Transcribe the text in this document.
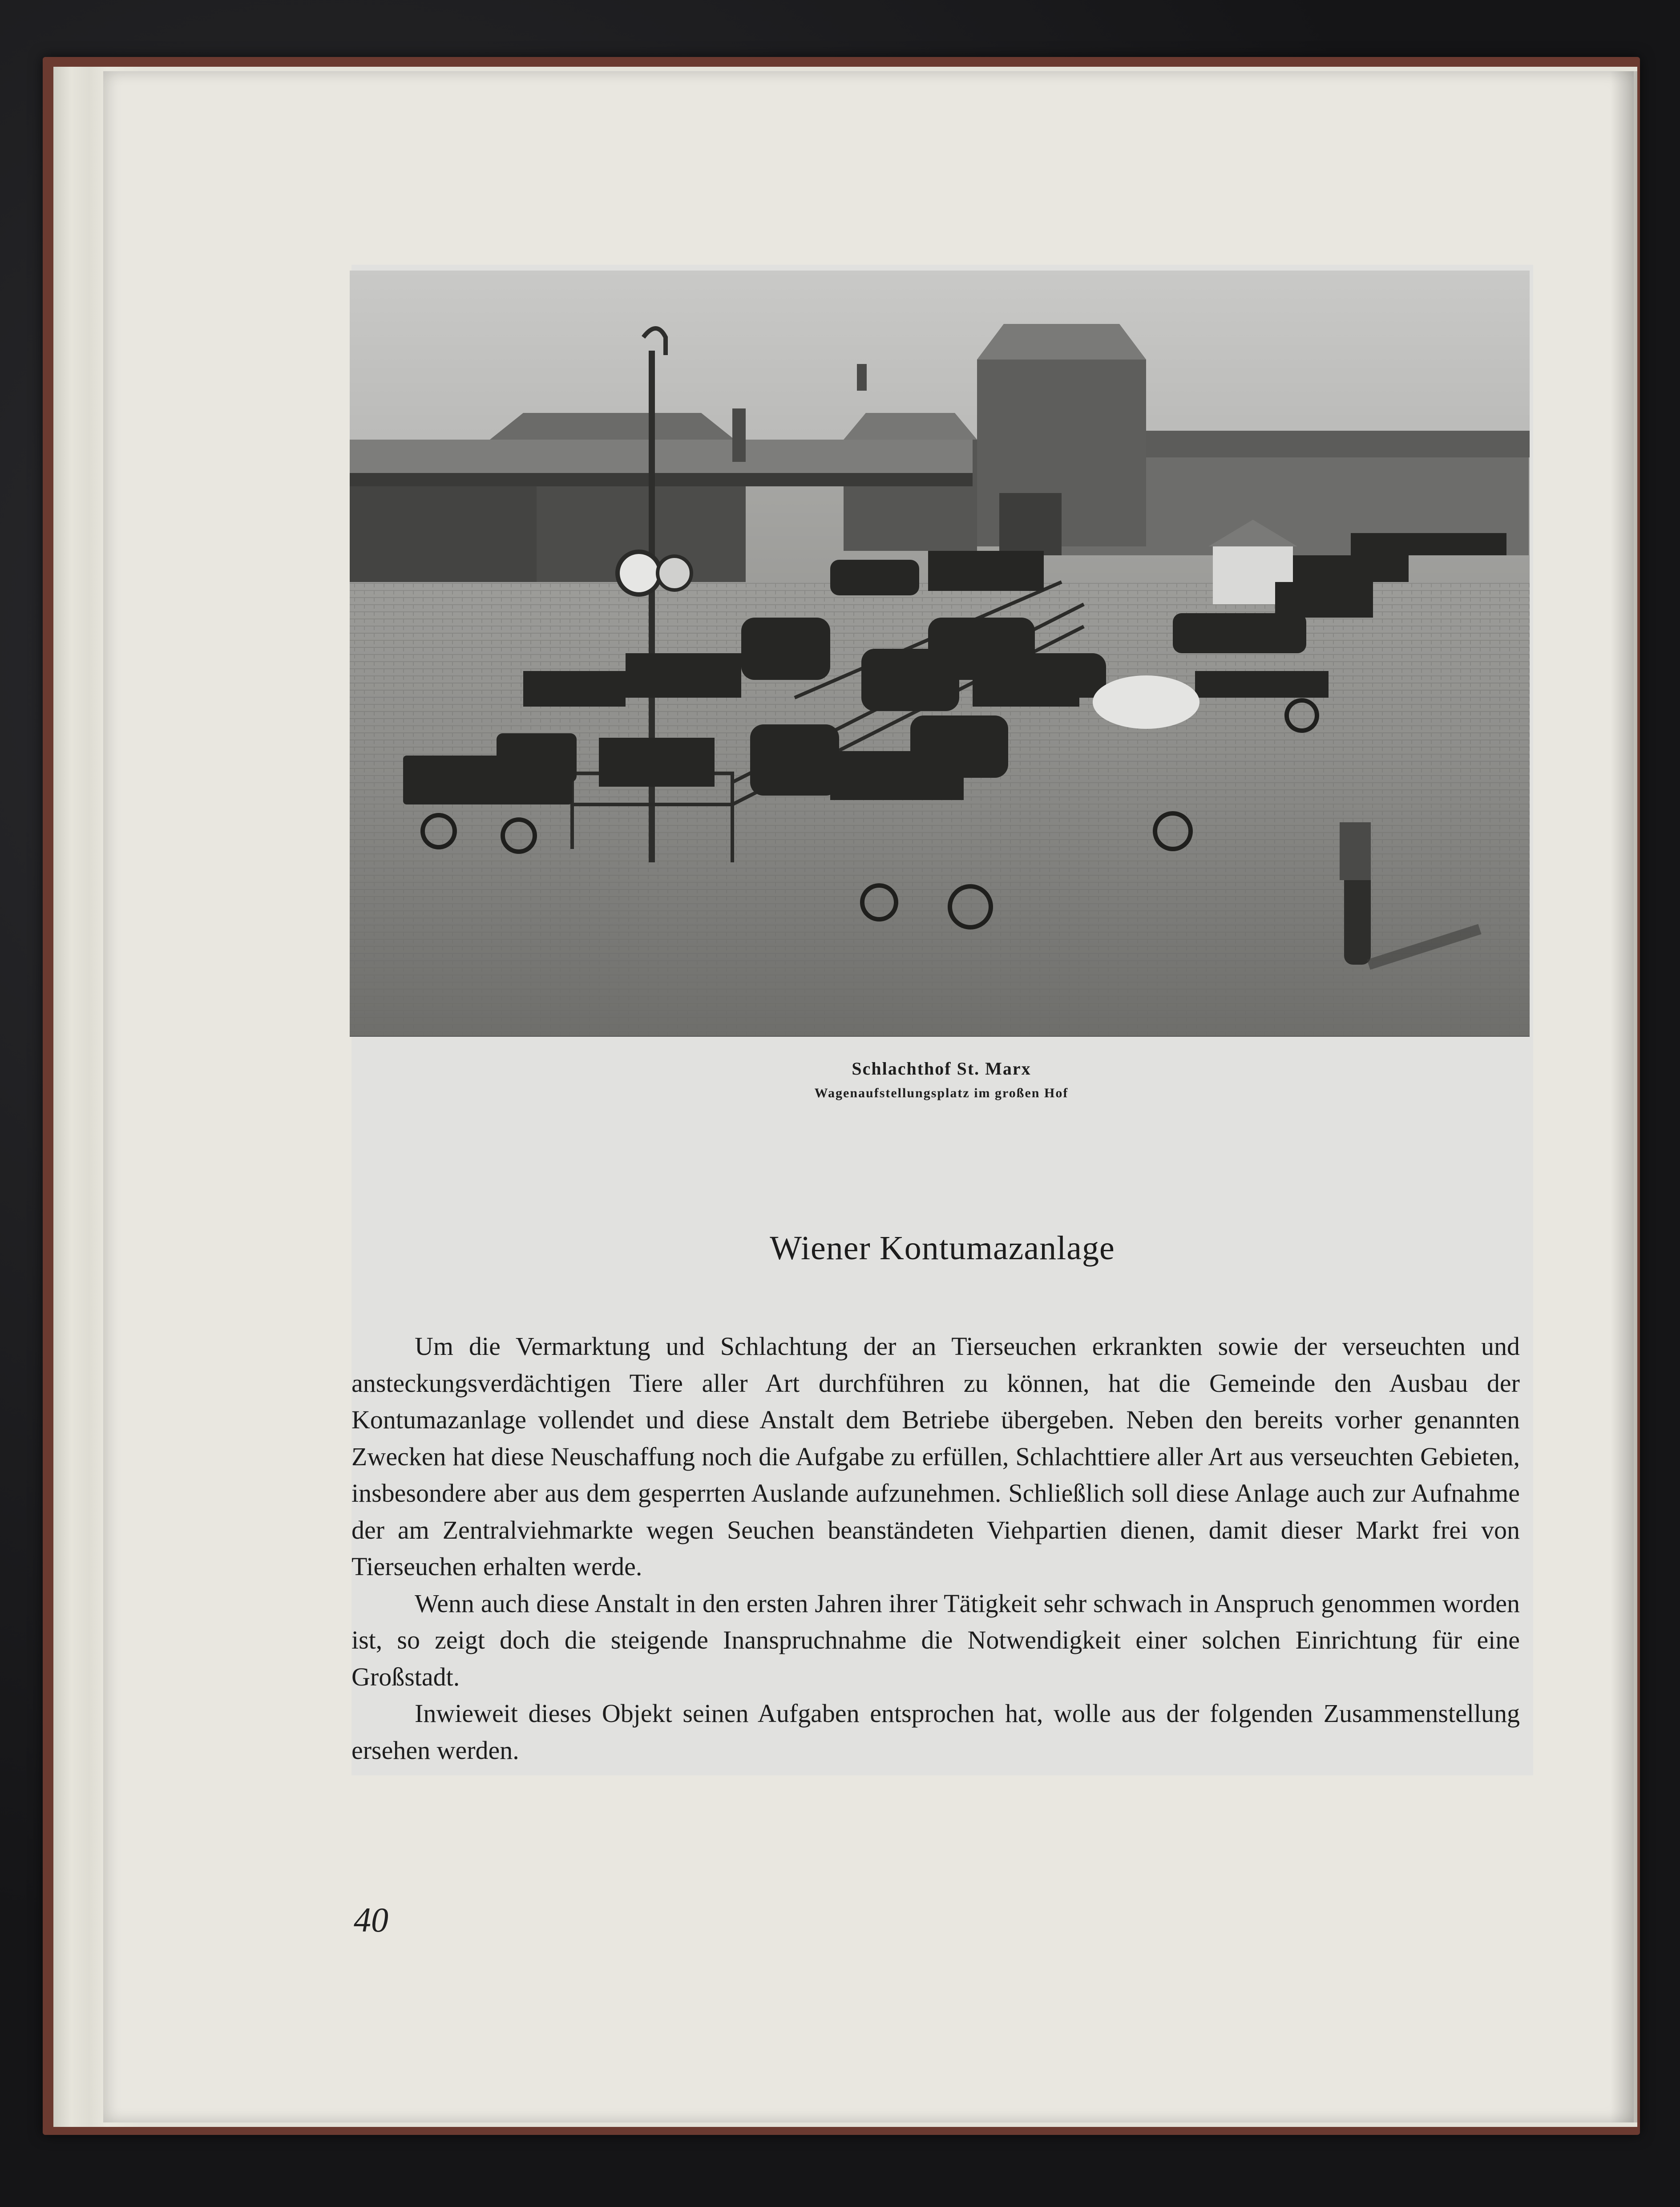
Schlachthof St. Marx
Wagenaufstellungsplatz im großen Hof
Wiener Kontumazanlage

Um die Vermarktung und Schlachtung der an Tierseuchen erkrankten sowie der verseuchten und ansteckungsverdächtigen Tiere aller Art durchführen zu können, hat die Gemeinde den Ausbau der Kontumazanlage vollendet und diese Anstalt dem Betriebe übergeben. Neben den bereits vorher genannten Zwecken hat diese Neuschaffung noch die Aufgabe zu erfüllen, Schlachttiere aller Art aus verseuchten Gebieten, insbesondere aber aus dem gesperrten Auslande aufzunehmen. Schließlich soll diese Anlage auch zur Aufnahme der am Zentralviehmarkte wegen Seuchen beanständeten Viehpartien dienen, damit dieser Markt frei von Tierseuchen erhalten werde.

Wenn auch diese Anstalt in den ersten Jahren ihrer Tätigkeit sehr schwach in Anspruch genommen worden ist, so zeigt doch die steigende Inanspruchnahme die Notwendigkeit einer solchen Einrichtung für eine Großstadt.

Inwieweit dieses Objekt seinen Aufgaben entsprochen hat, wolle aus der folgenden Zusammenstellung ersehen werden.

40
